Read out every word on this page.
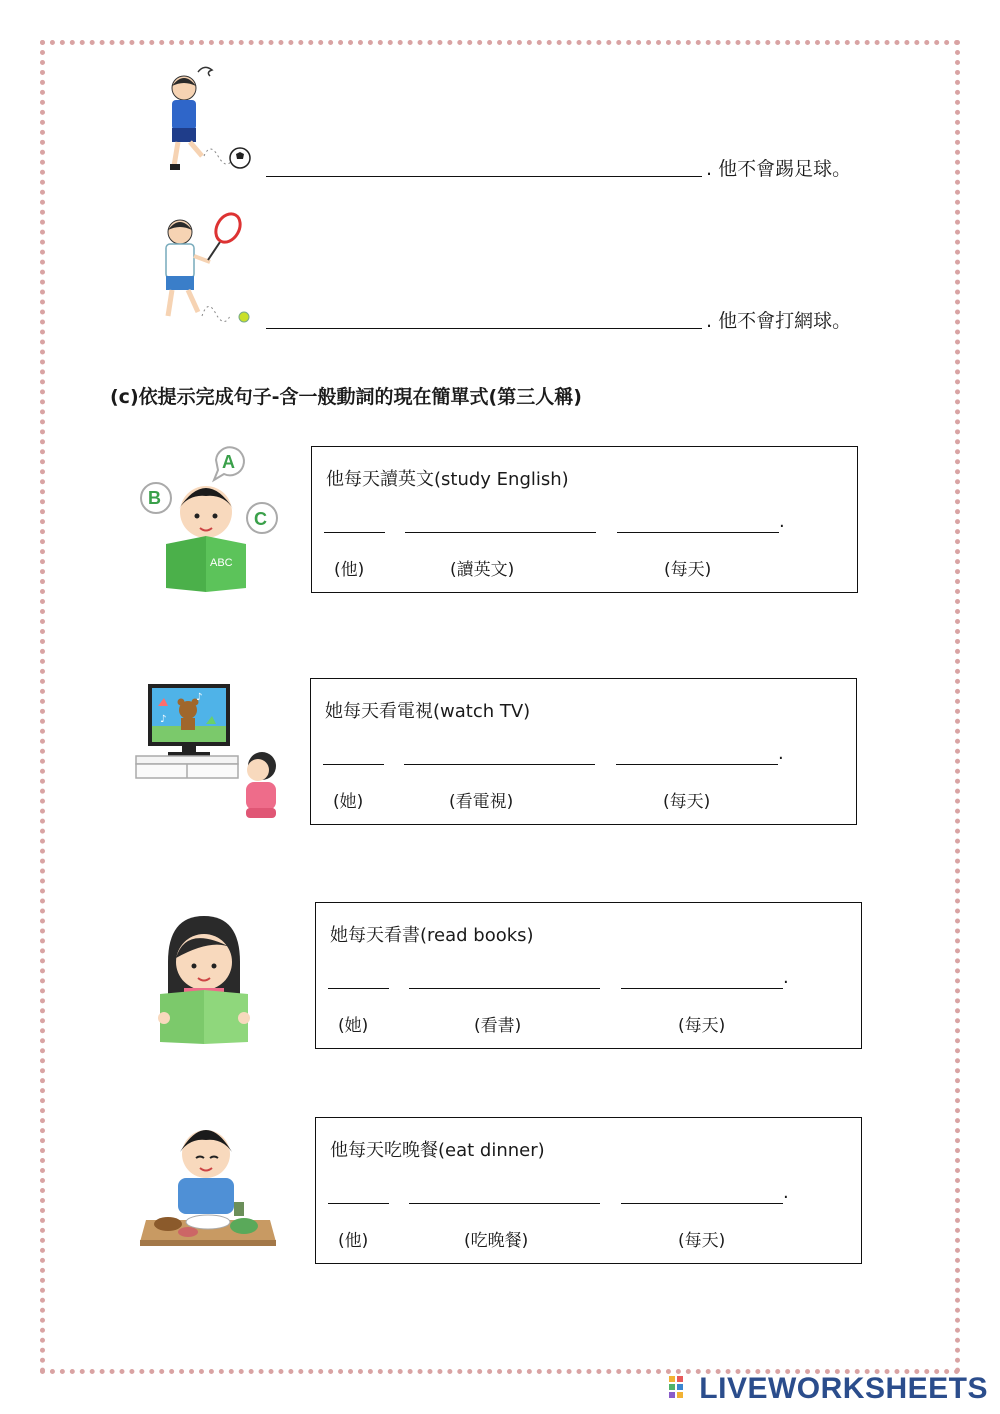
. 他不會踢足球。
. 他不會打網球。
(c)依提示完成句子-含一般動詞的現在簡單式(第三人稱)
A
B
C
ABC
他每天讀英文(study English)
.
(他)	(讀英文)	(每天)
♪
♪	她每天看電視(watch TV)
.
(她)	(看電視)	(每天)
她每天看書(read books)
.
(她)	(看書)	(每天)
他每天吃晚餐(eat dinner)
.
(他)	(吃晚餐)	(每天)
LIVEWORKSHEETS
